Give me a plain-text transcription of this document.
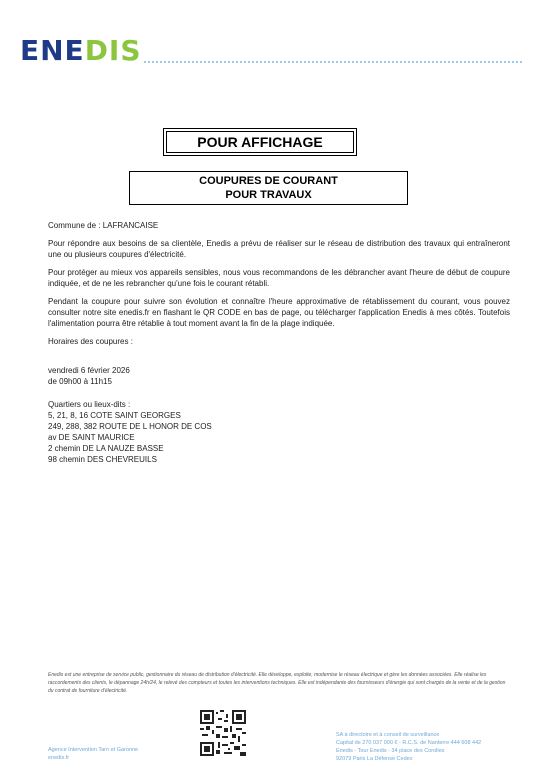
ENEDIS
POUR AFFICHAGE
COUPURES DE COURANT
POUR TRAVAUX

Commune de : LAFRANCAISE

Pour répondre aux besoins de sa clientèle, Enedis a prévu de réaliser sur le réseau de distribution des travaux qui entraîneront une ou plusieurs coupures d'électricité.

Pour protéger au mieux vos appareils sensibles, nous vous recommandons de les débrancher avant l'heure de début de coupure indiquée, et de ne les rebrancher qu'une fois le courant rétabli.

Pendant la coupure pour suivre son évolution et connaître l'heure approximative de rétablissement du courant, vous pouvez consulter notre site enedis.fr en flashant le QR CODE en bas de page, ou télécharger l'application Enedis à mes côtés. Toutefois l'alimentation pourra être rétablie à tout moment avant la fin de la plage indiquée.

Horaires des coupures :

vendredi 6 février 2026
de 09h00 à 11h15
Quartiers ou lieux-dits :
5, 21, 8, 16 COTE SAINT GEORGES
249, 288, 382 ROUTE DE L HONOR DE COS
av DE SAINT MAURICE
2 chemin DE LA NAUZE BASSE
98 chemin DES CHEVREUILS
Enedis est une entreprise de service public, gestionnaire du réseau de distribution d'électricité. Elle développe, exploite, modernise le réseau électrique et gère les données associées. Elle réalise les raccordements des clients, le dépannage 24h/24, le relevé des compteurs et toutes les interventions techniques. Elle est indépendante des fournisseurs d'énergie qui sont chargés de la vente et de la gestion du contrat de fourniture d'électricité.
Agence Intervention Tarn et Garonne
enedis.fr
SA à directoire et à conseil de surveillance
Capital de 270 037 000 € - R.C.S. de Nanterre 444 608 442
Enedis - Tour Enedis - 34 place des Corolles
92079 Paris La Défense Cedex
